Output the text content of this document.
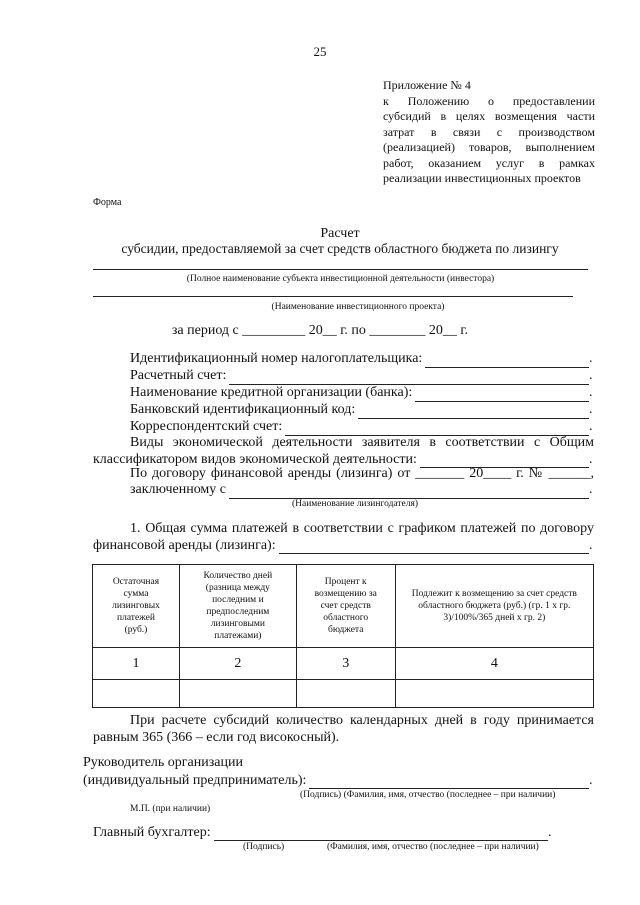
25
Приложение № 4
к Положению о предоставлении
субсидий в целях возмещения части
затрат в связи с производством
(реализацией) товаров, выполнением
работ, оказанием услуг в рамках
реализации инвестиционных проектов
Форма
Расчет
субсидии, предоставляемой за счет средств областного бюджета по лизингу
(Полное наименование субъекта инвестиционной деятельности (инвестора)
(Наименование инвестиционного проекта)
за период с _________ 20__ г. по ________ 20__ г.
Идентификационный номер налогоплательщика:	.
Расчетный счет:	.
Наименование кредитной организации (банка):	.
Банковский идентификационный код:	.
Корреспондентский счет:	.
Виды экономической деятельности заявителя в соответствии с Общим
классификатором видов экономической деятельности:	.
По договору финансовой аренды (лизинга) от _______ 20____ г. № ______,
заключенному с	.
(Наименование лизингодателя)
1. Общая сумма платежей в соответствии с графиком платежей по договору
финансовой аренды (лизинга):	.
Остаточная сумма лизинговых платежей (руб.)	Количество дней (разница между последним и предпоследним лизинговыми платежами)	Процент к возмещению за счет средств областного бюджета	Подлежит к возмещению за счет средств областного бюджета (руб.) (гр. 1 х гр. 3)/100%/365 дней х гр. 2)
1	2	3	4

При расчете субсидий количество календарных дней в году принимается
равным 365 (366 – если год високосный).
Руководитель организации
(индивидуальный предприниматель):	.
(Подпись) (Фамилия, имя, отчество (последнее – при наличии)
М.П. (при наличии)
Главный бухгалтер:	.
(Подпись)	(Фамилия, имя, отчество (последнее – при наличии)
